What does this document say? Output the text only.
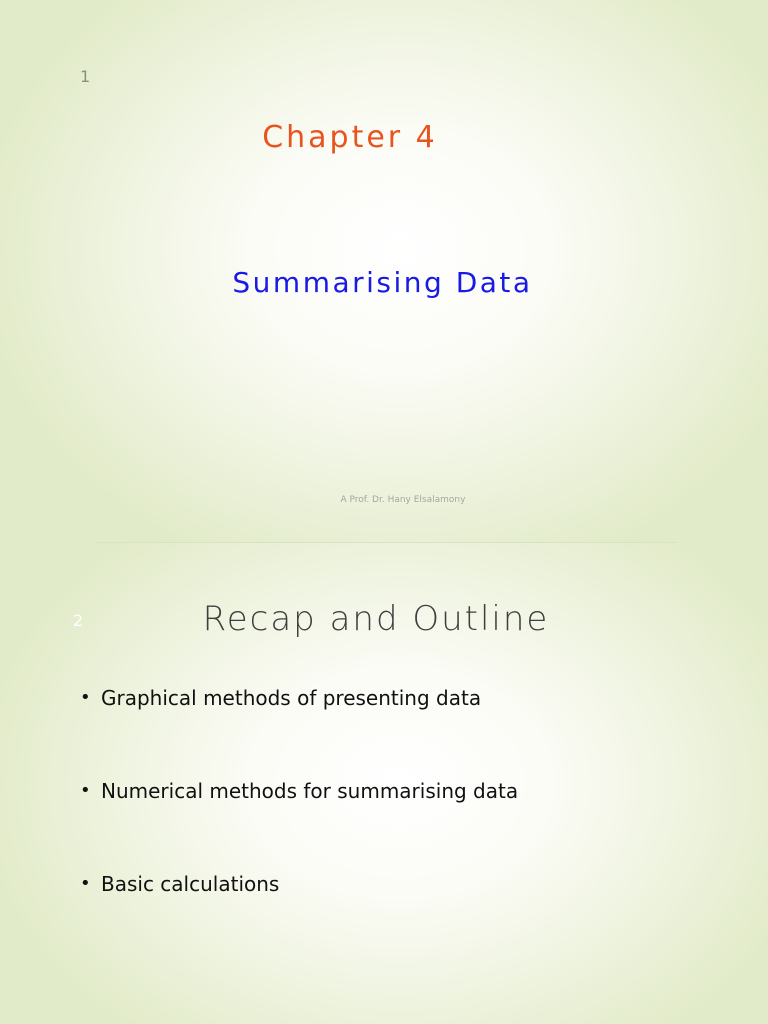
1
Chapter 4
Summarising Data
A Prof. Dr. Hany Elsalamony
2	Recap and Outline
• Graphical methods of presenting data
• Numerical methods for summarising data
• Basic calculations
